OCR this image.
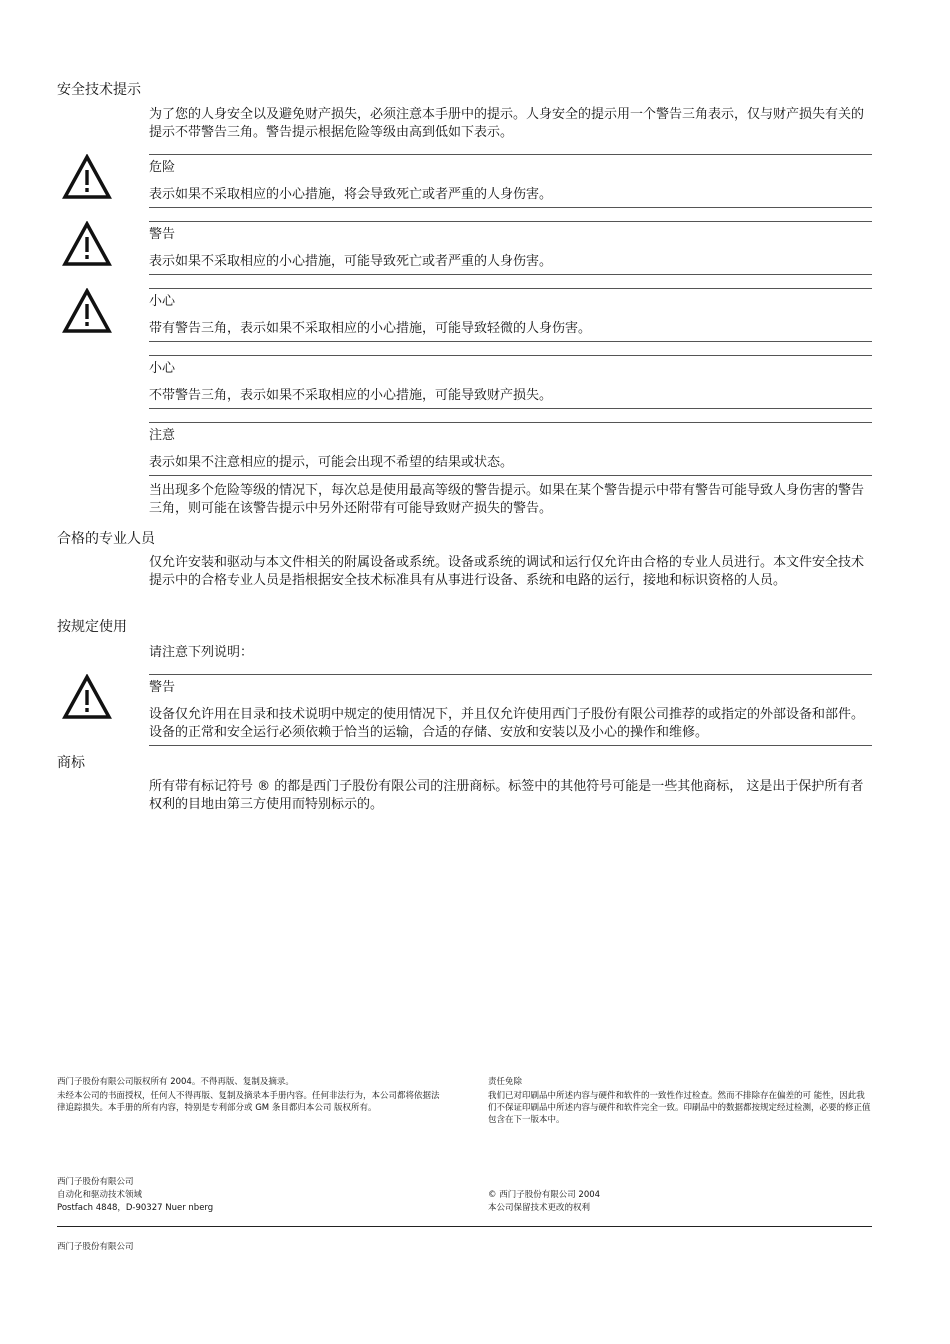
安全技术提示
为了您的人身安全以及避免财产损失，必须注意本手册中的提示。人身安全的提示用一个警告三角表示，仅与财产损失有关的提示不带警告三角。警告提示根据危险等级由高到低如下表示。
危险
表示如果不采取相应的小心措施，将会导致死亡或者严重的人身伤害。
警告
表示如果不采取相应的小心措施，可能导致死亡或者严重的人身伤害。
小心
带有警告三角，表示如果不采取相应的小心措施，可能导致轻微的人身伤害。
小心
不带警告三角，表示如果不采取相应的小心措施，可能导致财产损失。
注意
表示如果不注意相应的提示，可能会出现不希望的结果或状态。
当出现多个危险等级的情况下，每次总是使用最高等级的警告提示。如果在某个警告提示中带有警告可能导致人身伤害的警告三角，则可能在该警告提示中另外还附带有可能导致财产损失的警告。
合格的专业人员
仅允许安装和驱动与本文件相关的附属设备或系统。设备或系统的调试和运行仅允许由合格的专业人员进行。本文件安全技术提示中的合格专业人员是指根据安全技术标准具有从事进行设备、系统和电路的运行，接地和标识资格的人员。
按规定使用
请注意下列说明：
警告
设备仅允许用在目录和技术说明中规定的使用情况下，并且仅允许使用西门子股份有限公司推荐的或指定的外部设备和部件。设备的正常和安全运行必须依赖于恰当的运输，合适的存储、安放和安装以及小心的操作和维修。
商标
所有带有标记符号 ® 的都是西门子股份有限公司的注册商标。标签中的其他符号可能是一些其他商标， 这是出于保护所有者权利的目地由第三方使用而特别标示的。
西门子股份有限公司版权所有 2004。不得再版、复制及摘录。
未经本公司的书面授权，任何人不得再版、复制及摘录本手册内容。任何非法行为，本公司都将依据法律追踪损失。本手册的所有内容，特别是专利部分或 GM 条目都归本公司 版权所有。
责任免除
我们已对印刷品中所述内容与硬件和软件的一致性作过检查。然而不排除存在偏差的可 能性，因此我们不保证印刷品中所述内容与硬件和软件完全一致。印刷品中的数据都按规定经过检测，必要的修正值包含在下一版本中。
西门子股份有限公司
自动化和驱动技术领域
Postfach 4848，D-90327 Nuer nberg
© 西门子股份有限公司 2004
本公司保留技术更改的权利
西门子股份有限公司
